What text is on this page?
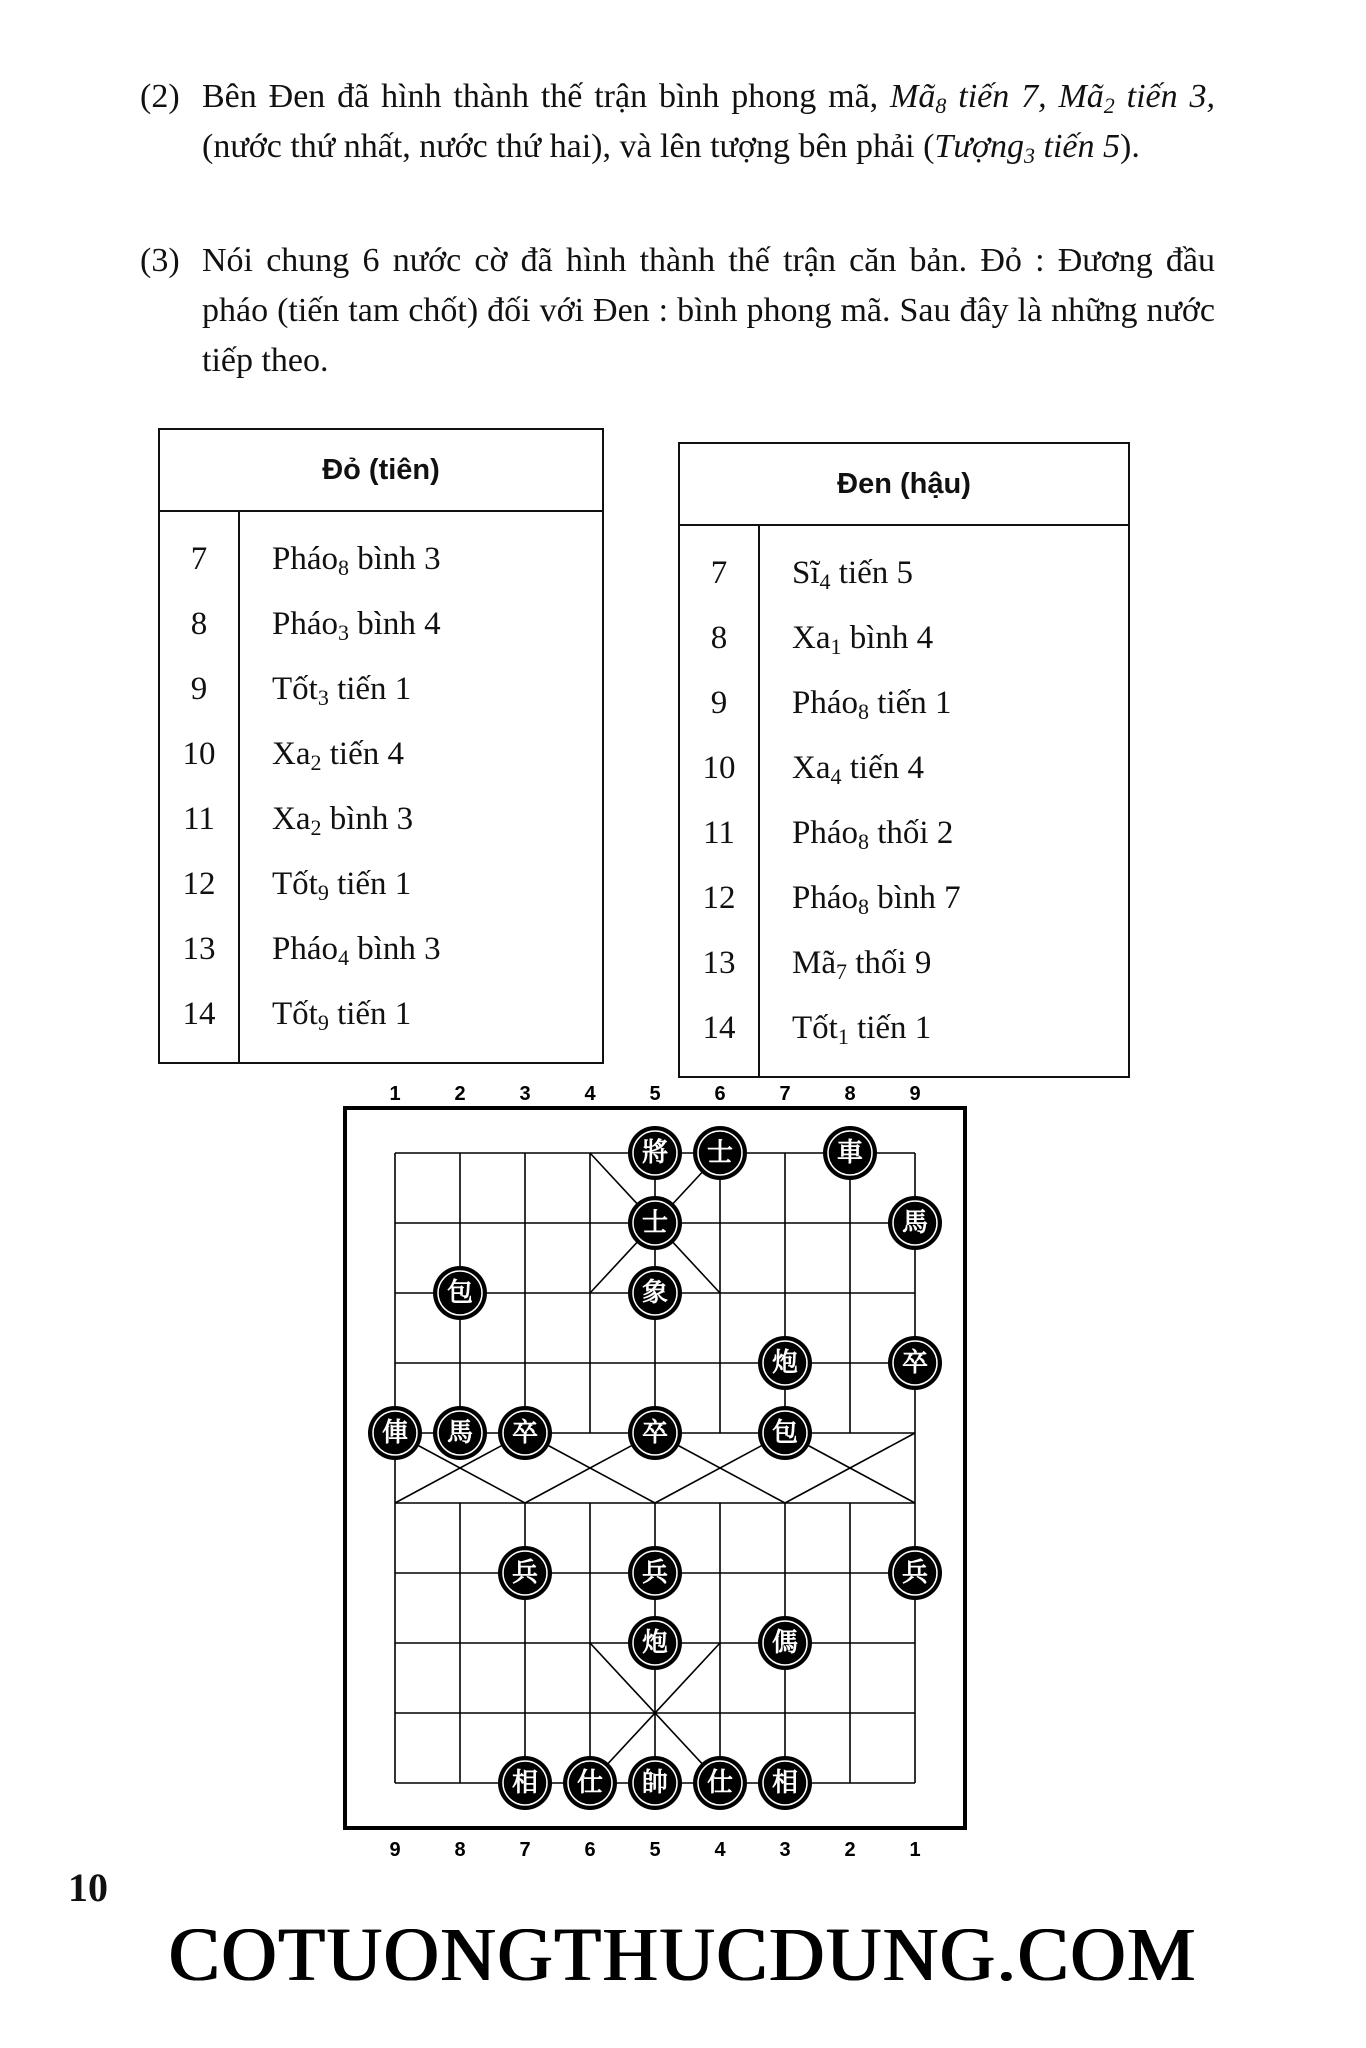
(2) Bên Đen đã hình thành thế trận bình phong mã, $Mã_8$ tiến 7, $Mã_2$ tiến 3, (nước thứ nhất, nước thứ hai), và lên tượng bên phải (Tượng$_3$ tiến 5).
(3) Nói chung 6 nước cờ đã hình thành thế trận căn bản. Đỏ : Đương đầu pháo (tiến tam chốt) đối với Đen : bình phong mã. Sau đây là những nước tiếp theo.
Đỏ (tiên)	
7	Pháo$_8$ bình 3
8	Pháo$_3$ bình 4
9	Tốt$_3$ tiến 1
10	$Xa_2$ tiến 4
11	$Xa_2$ bình 3
12	Tốt$_9$ tiến 1
13	Pháo$_4$ bình 3
14	Tốt$_9$ tiến 1
Đen (hậu)	
7	$Sĩ_4$ tiến 5
8	$Xa_1$ bình 4
9	Pháo$_8$ tiến 1
10	$Xa_4$ tiến 4
11	Pháo$_8$ thối 2
12	Pháo$_8$ bình 7
13	$Mã_7$ thối 9
14	Tốt$_1$ tiến 1
1	2	3	4	5	6	7	8	9
將 士	車
士	馬
包	象
炮	卒
俥 馬 卒	卒	包
兵	兵	兵
炮	傌
相 仕 帥 仕 相
9	8	7	6	5	4	3	2	1
10
COTUONGTHUCDUNG.COM
